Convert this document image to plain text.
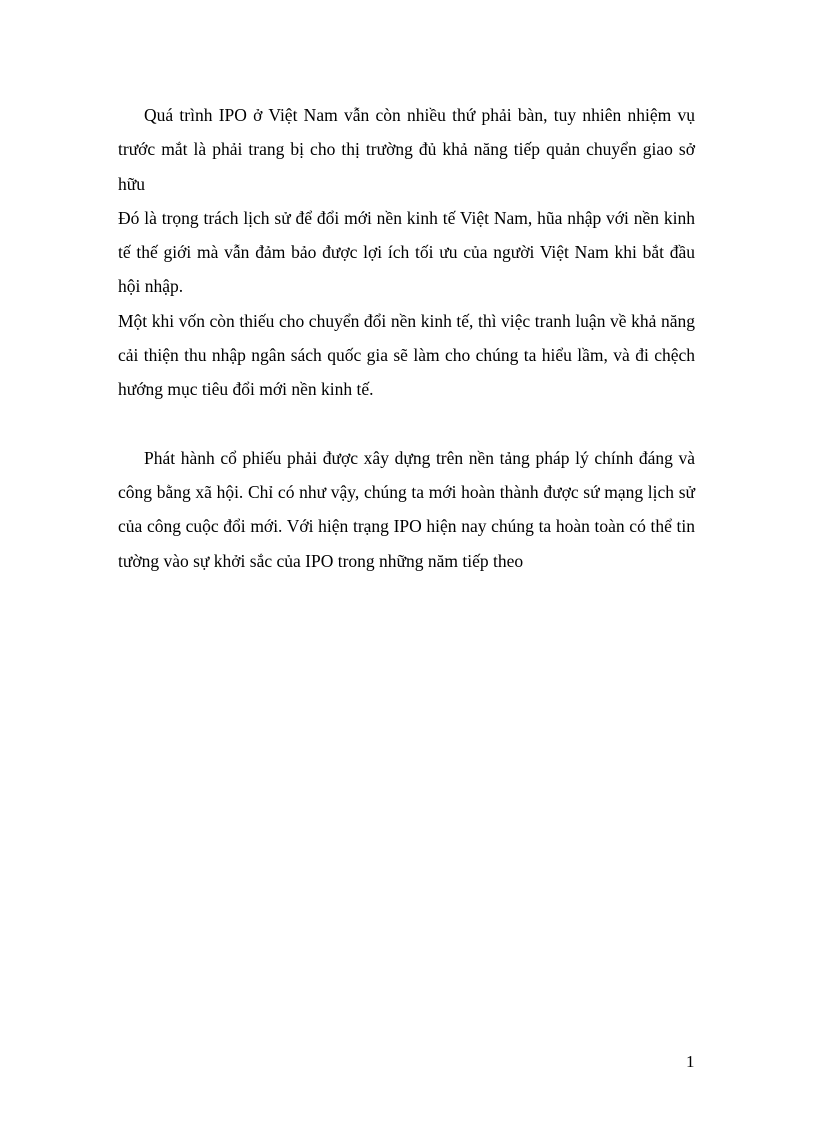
Quá trình IPO ở Việt Nam vẫn còn nhiều thứ phải bàn, tuy nhiên nhiệm vụ trước mắt là phải trang bị cho thị trường đủ khả năng tiếp quản chuyển giao sở hữu

Đó là trọng trách lịch sử để đổi mới nền kinh tế Việt Nam, hũa nhập với nền kinh tế thế giới mà vẫn đảm bảo được lợi ích tối ưu của người Việt Nam khi bắt đầu hội nhập.

Một khi vốn còn thiếu cho chuyển đổi nền kinh tế, thì việc tranh luận về khả năng cải thiện thu nhập ngân sách quốc gia sẽ làm cho chúng ta hiểu lầm, và đi chệch hướng mục tiêu đổi mới nền kinh tế.

Phát hành cổ phiếu phải được xây dựng trên nền tảng pháp lý chính đáng và công bằng xã hội. Chỉ có như vậy, chúng ta mới hoàn thành được sứ mạng lịch sử của công cuộc đổi mới. Với hiện trạng IPO hiện nay chúng ta hoàn toàn có thể tin tường vào sự khởi sắc của IPO trong những năm tiếp theo

1
